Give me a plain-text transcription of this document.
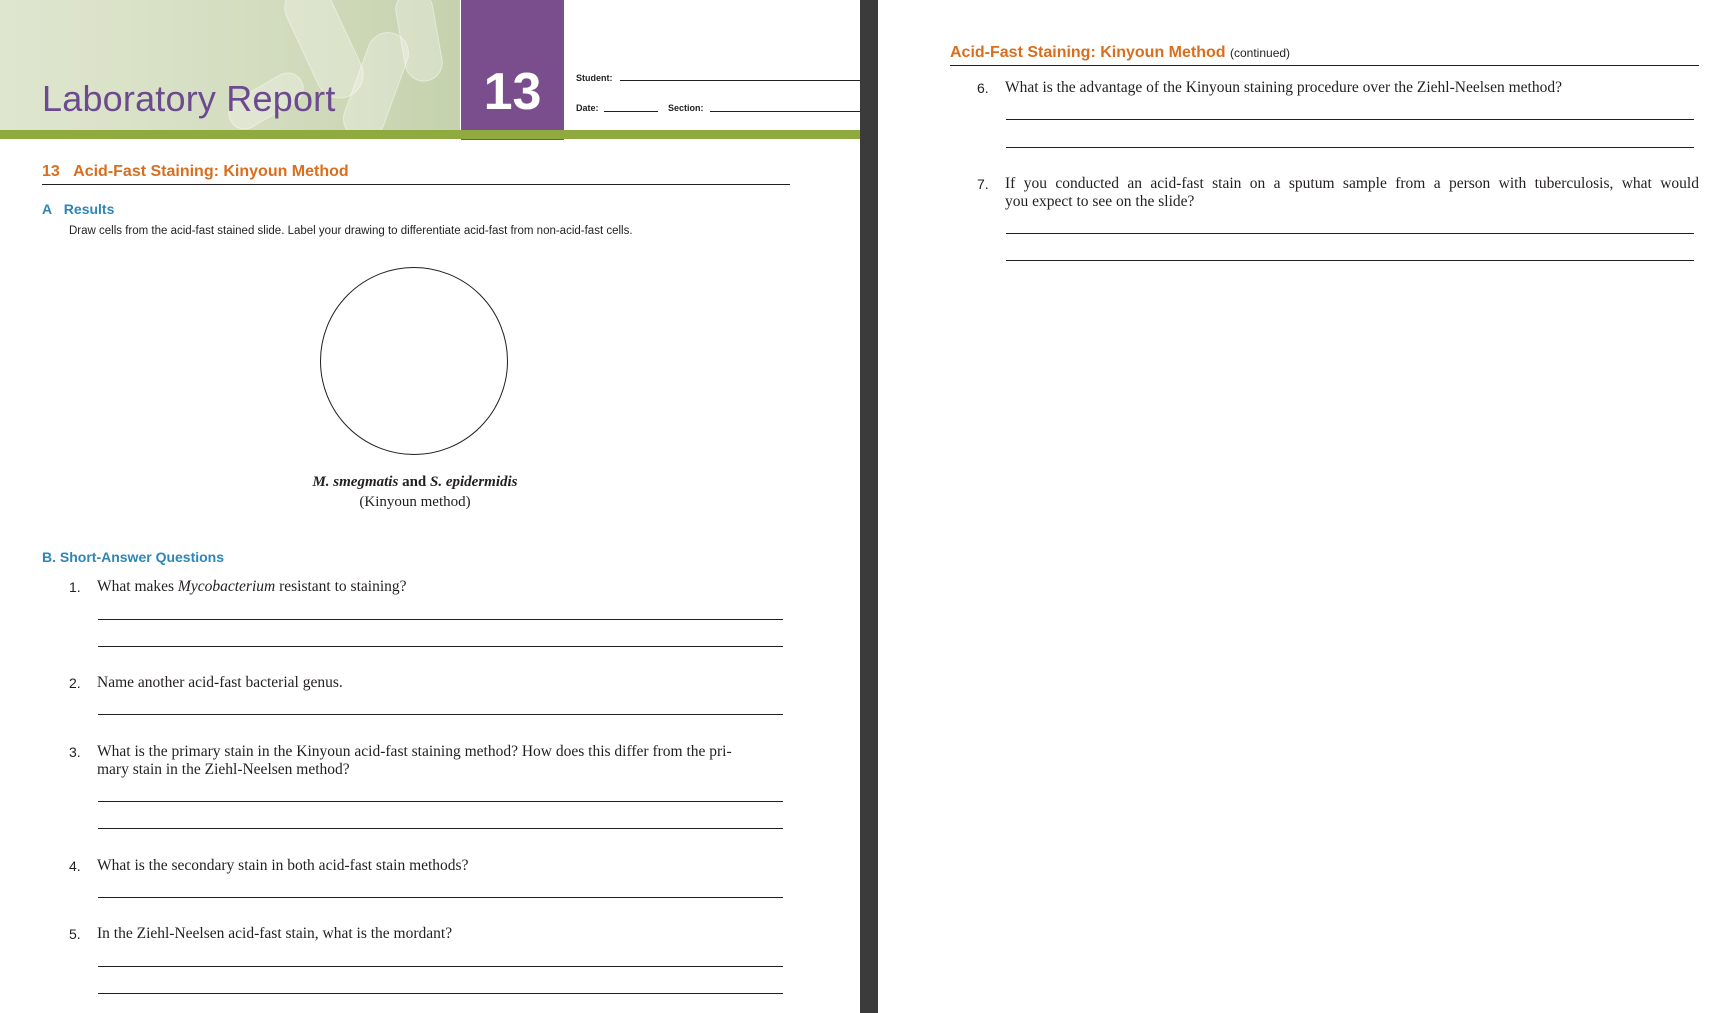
Laboratory Report	13	Student:
Date:	Section:
13 Acid-Fast Staining: Kinyoun Method
A Results
Draw cells from the acid-fast stained slide. Label your drawing to differentiate acid-fast from non-acid-fast cells.
M. smegmatis and S. epidermidis
(Kinyoun method)
B. Short-Answer Questions
1. What makes Mycobacterium resistant to staining?
2. Name another acid-fast bacterial genus.
3. What is the primary stain in the Kinyoun acid-fast staining method? How does this differ from the pri-
mary stain in the Ziehl-Neelsen method?
4. What is the secondary stain in both acid-fast stain methods?
5. In the Ziehl-Neelsen acid-fast stain, what is the mordant?
Acid-Fast Staining: Kinyoun Method (continued)
6. What is the advantage of the Kinyoun staining procedure over the Ziehl-Neelsen method?
7. If you conducted an acid-fast stain on a sputum sample from a person with tuberculosis, what would
you expect to see on the slide?
